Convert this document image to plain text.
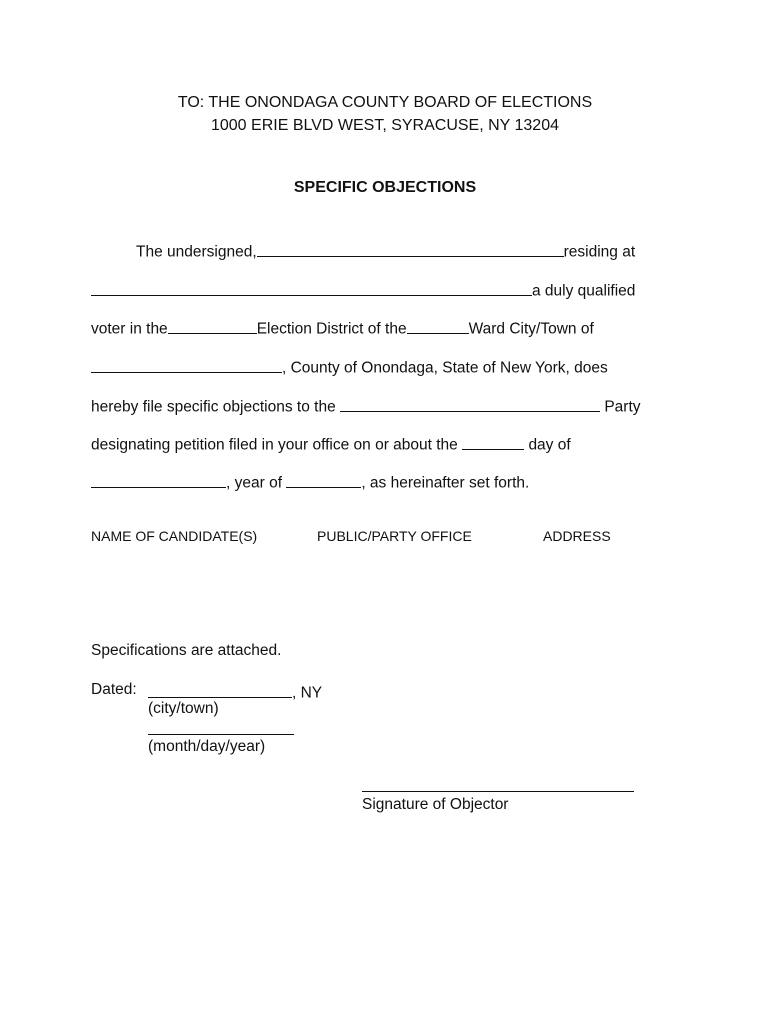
TO: THE ONONDAGA COUNTY BOARD OF ELECTIONS
1000 ERIE BLVD WEST, SYRACUSE, NY 13204
SPECIFIC OBJECTIONS
The undersigned,	residing at
a duly qualified
voter in the	Election District of the	Ward City/Town of
, County of Onondaga, State of New York, does
hereby file specific objections to the	Party
designating petition filed in your office on or about the	day of
, year of	, as hereinafter set forth.
NAME OF CANDIDATE(S)	PUBLIC/PARTY OFFICE	ADDRESS
Specifications are attached.
Dated:	, NY
(city/town)
(month/day/year)
Signature of Objector
